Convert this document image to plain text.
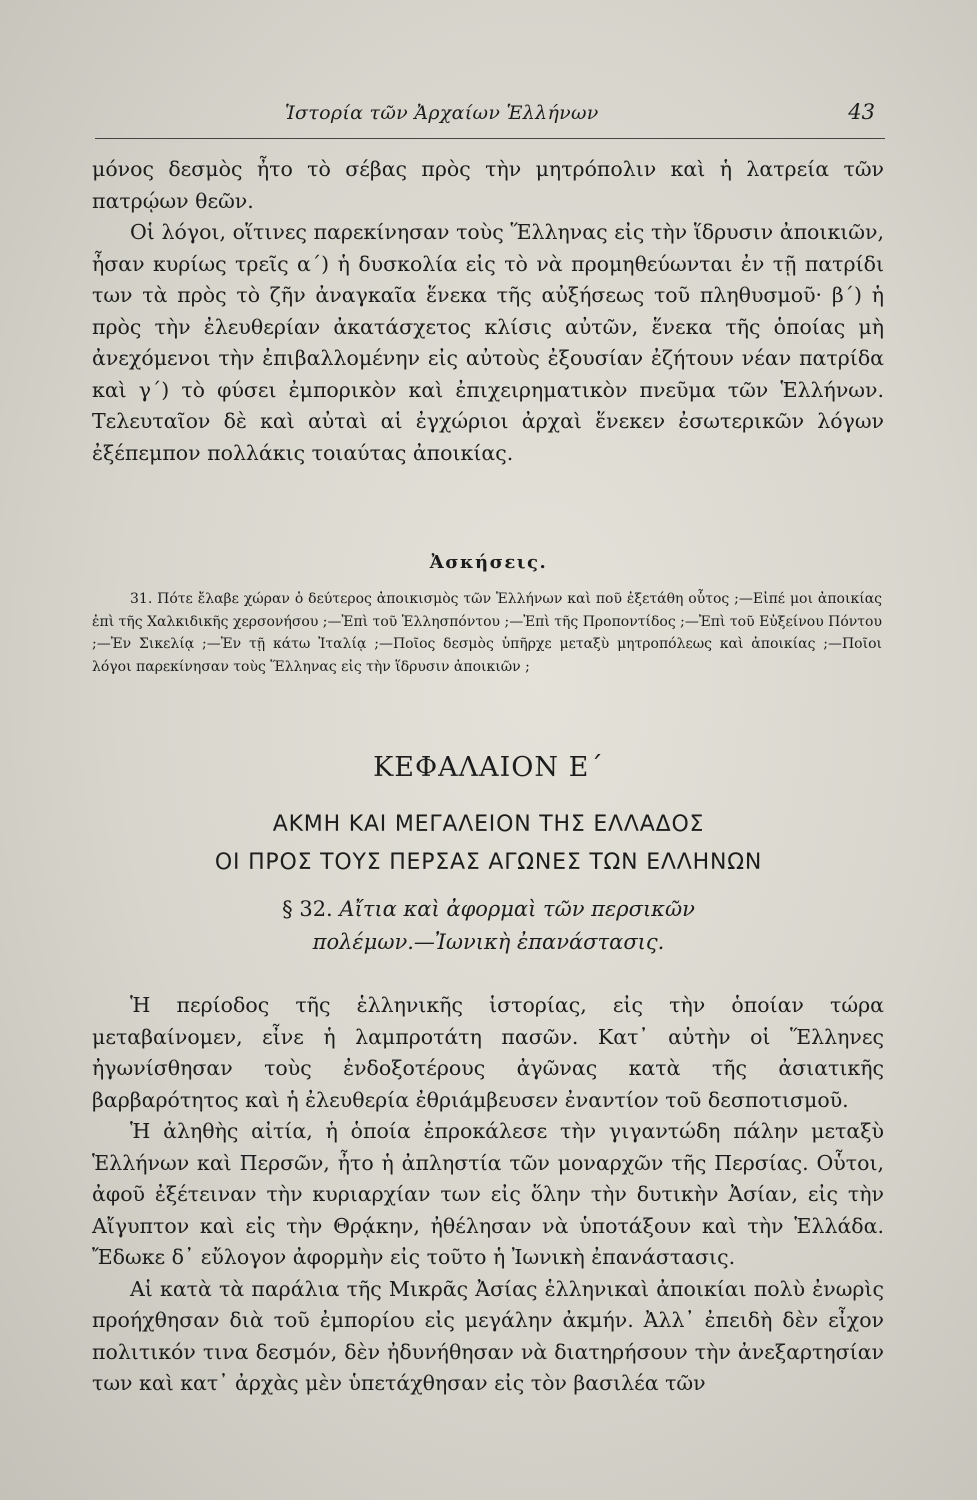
Ἱστορία τῶν Ἀρχαίων Ἑλλήνων	43

μόνος δεσμὸς ἦτο τὸ σέβας πρὸς τὴν μητρόπολιν καὶ ἡ λατρεία τῶν πατρῴων θεῶν.

Οἱ λόγοι, οἵτινες παρεκίνησαν τοὺς Ἕλληνας εἰς τὴν ἵδρυσιν ἀποικιῶν, ἦσαν κυρίως τρεῖς α΄) ἡ δυσκολία εἰς τὸ νὰ προμηθεύωνται ἐν τῇ πατρίδι των τὰ πρὸς τὸ ζῆν ἀναγκαῖα ἕνεκα τῆς αὐξήσεως τοῦ πληθυσμοῦ· β΄) ἡ πρὸς τὴν ἐλευθερίαν ἀκατάσχετος κλίσις αὐτῶν, ἕνεκα τῆς ὁποίας μὴ ἀνεχόμενοι τὴν ἐπιβαλλομένην εἰς αὐτοὺς ἐξουσίαν ἐζήτουν νέαν πατρίδα καὶ γ΄) τὸ φύσει ἐμπορικὸν καὶ ἐπιχειρηματικὸν πνεῦμα τῶν Ἑλλήνων. Τελευταῖον δὲ καὶ αὐταὶ αἱ ἐγχώριοι ἀρχαὶ ἕνεκεν ἐσωτερικῶν λόγων ἐξέπεμπον πολλάκις τοιαύτας ἀποικίας.

Ἀσκήσεις.
31. Πότε ἔλαβε χώραν ὁ δεύτερος ἀποικισμὸς τῶν Ἑλλήνων καὶ ποῦ ἐξετάθη οὗτος ;—Εἰπέ μοι ἀποικίας ἐπὶ τῆς Χαλκιδικῆς χερσονήσου ;—Ἐπὶ τοῦ Ἑλλησπόντου ;—Ἐπὶ τῆς Προποντίδος ;—Ἐπὶ τοῦ Εὐξείνου Πόντου ;—Ἐν Σικελίᾳ ;—Ἐν τῇ κάτω Ἰταλίᾳ ;—Ποῖος δεσμὸς ὑπῆρχε μεταξὺ μητροπόλεως καὶ ἀποικίας ;—Ποῖοι λόγοι παρεκίνησαν τοὺς Ἕλληνας εἰς τὴν ἵδρυσιν ἀποικιῶν ;
ΚΕΦΑΛΑΙΟΝ Ε΄
ΑΚΜΗ ΚΑΙ ΜΕΓΑΛΕΙΟΝ ΤΗΣ ΕΛΛΑΔΟΣ
ΟΙ ΠΡΟΣ ΤΟΥΣ ΠΕΡΣΑΣ ΑΓΩΝΕΣ ΤΩΝ ΕΛΛΗΝΩΝ
§ 32. Αἴτια καὶ ἀφορμαὶ τῶν περσικῶν
πολέμων.—Ἰωνικὴ ἐπανάστασις.

Ἡ περίοδος τῆς ἑλληνικῆς ἱστορίας, εἰς τὴν ὁποίαν τώρα μεταβαίνομεν, εἶνε ἡ λαμπροτάτη πασῶν. Κατ᾽ αὐτὴν οἱ Ἕλληνες ἠγωνίσθησαν τοὺς ἐνδοξοτέρους ἀγῶνας κατὰ τῆς ἀσιατικῆς βαρβαρότητος καὶ ἡ ἐλευθερία ἐθριάμβευσεν ἐναντίον τοῦ δεσποτισμοῦ.

Ἡ ἀληθὴς αἰτία, ἡ ὁποία ἐπροκάλεσε τὴν γιγαντώδη πάλην μεταξὺ Ἑλλήνων καὶ Περσῶν, ἦτο ἡ ἀπληστία τῶν μοναρχῶν τῆς Περσίας. Οὗτοι, ἀφοῦ ἐξέτειναν τὴν κυριαρχίαν των εἰς ὅλην τὴν δυτικὴν Ἀσίαν, εἰς τὴν Αἴγυπτον καὶ εἰς τὴν Θρᾴκην, ἠθέλησαν νὰ ὑποτάξουν καὶ τὴν Ἑλλάδα. Ἔδωκε δ᾽ εὔλογον ἀφορμὴν εἰς τοῦτο ἡ Ἰωνικὴ ἐπανάστασις.

Αἱ κατὰ τὰ παράλια τῆς Μικρᾶς Ἀσίας ἑλληνικαὶ ἀποικίαι πολὺ ἐνωρὶς προήχθησαν διὰ τοῦ ἐμπορίου εἰς μεγάλην ἀκμήν. Ἀλλ᾽ ἐπειδὴ δὲν εἶχον πολιτικόν τινα δεσμόν, δὲν ἠδυνήθησαν νὰ διατηρήσουν τὴν ἀνεξαρτησίαν των καὶ κατ᾽ ἀρχὰς μὲν ὑπετάχθησαν εἰς τὸν βασιλέα τῶν
